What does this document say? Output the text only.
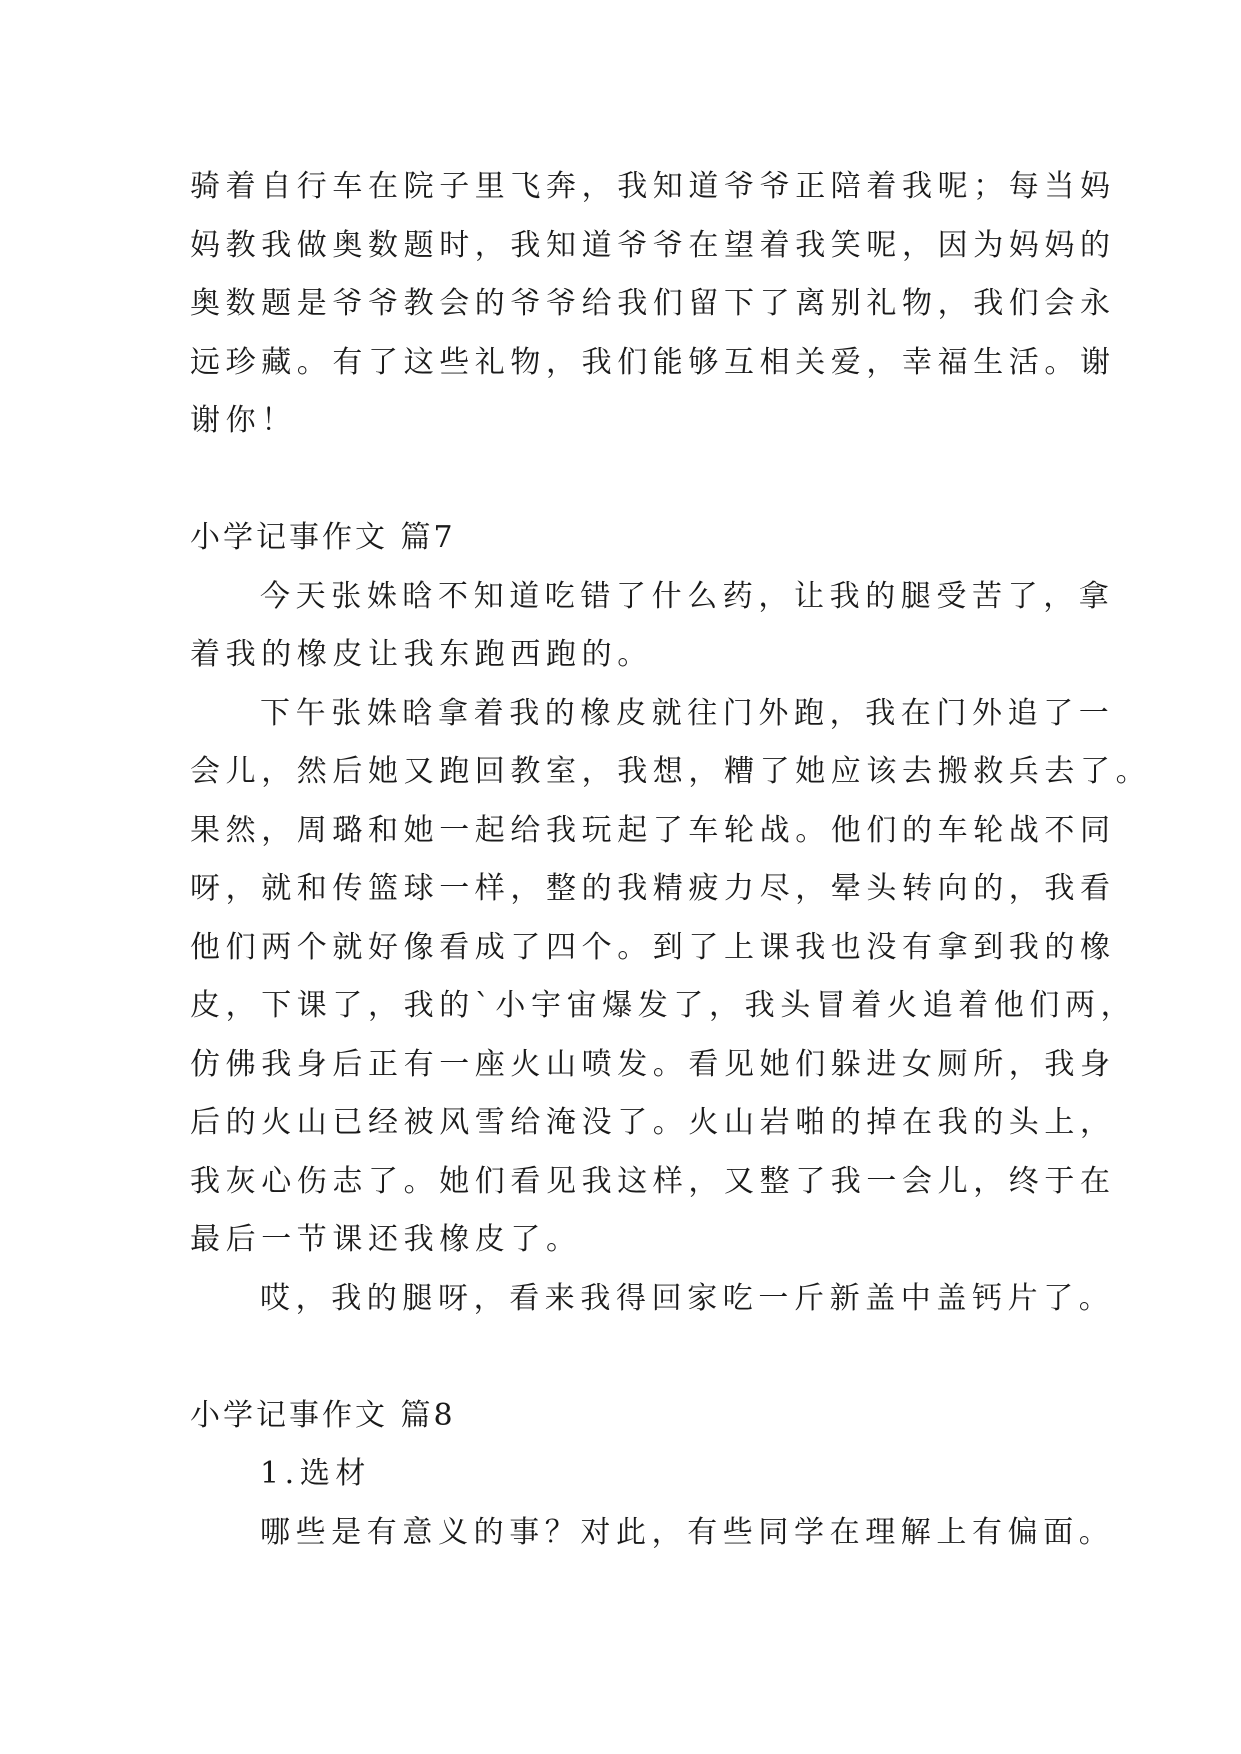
骑着自行车在院子里飞奔，我知道爷爷正陪着我呢；每当妈
妈教我做奥数题时，我知道爷爷在望着我笑呢，因为妈妈的
奥数题是爷爷教会的爷爷给我们留下了离别礼物，我们会永
远珍藏。有了这些礼物，我们能够互相关爱，幸福生活。谢
谢你！
小学记事作文 篇7
今天张姝晗不知道吃错了什么药，让我的腿受苦了，拿
着我的橡皮让我东跑西跑的。
下午张姝晗拿着我的橡皮就往门外跑，我在门外追了一
会儿，然后她又跑回教室，我想，糟了她应该去搬救兵去了。
果然，周璐和她一起给我玩起了车轮战。他们的车轮战不同
呀，就和传篮球一样，整的我精疲力尽，晕头转向的，我看
他们两个就好像看成了四个。到了上课我也没有拿到我的橡
皮，下课了，我的`小宇宙爆发了，我头冒着火追着他们两，
仿佛我身后正有一座火山喷发。看见她们躲进女厕所，我身
后的火山已经被风雪给淹没了。火山岩啪的掉在我的头上，
我灰心伤志了。她们看见我这样，又整了我一会儿，终于在
最后一节课还我橡皮了。
哎，我的腿呀，看来我得回家吃一斤新盖中盖钙片了。
小学记事作文 篇8
1.选材
哪些是有意义的事？对此，有些同学在理解上有偏面。
